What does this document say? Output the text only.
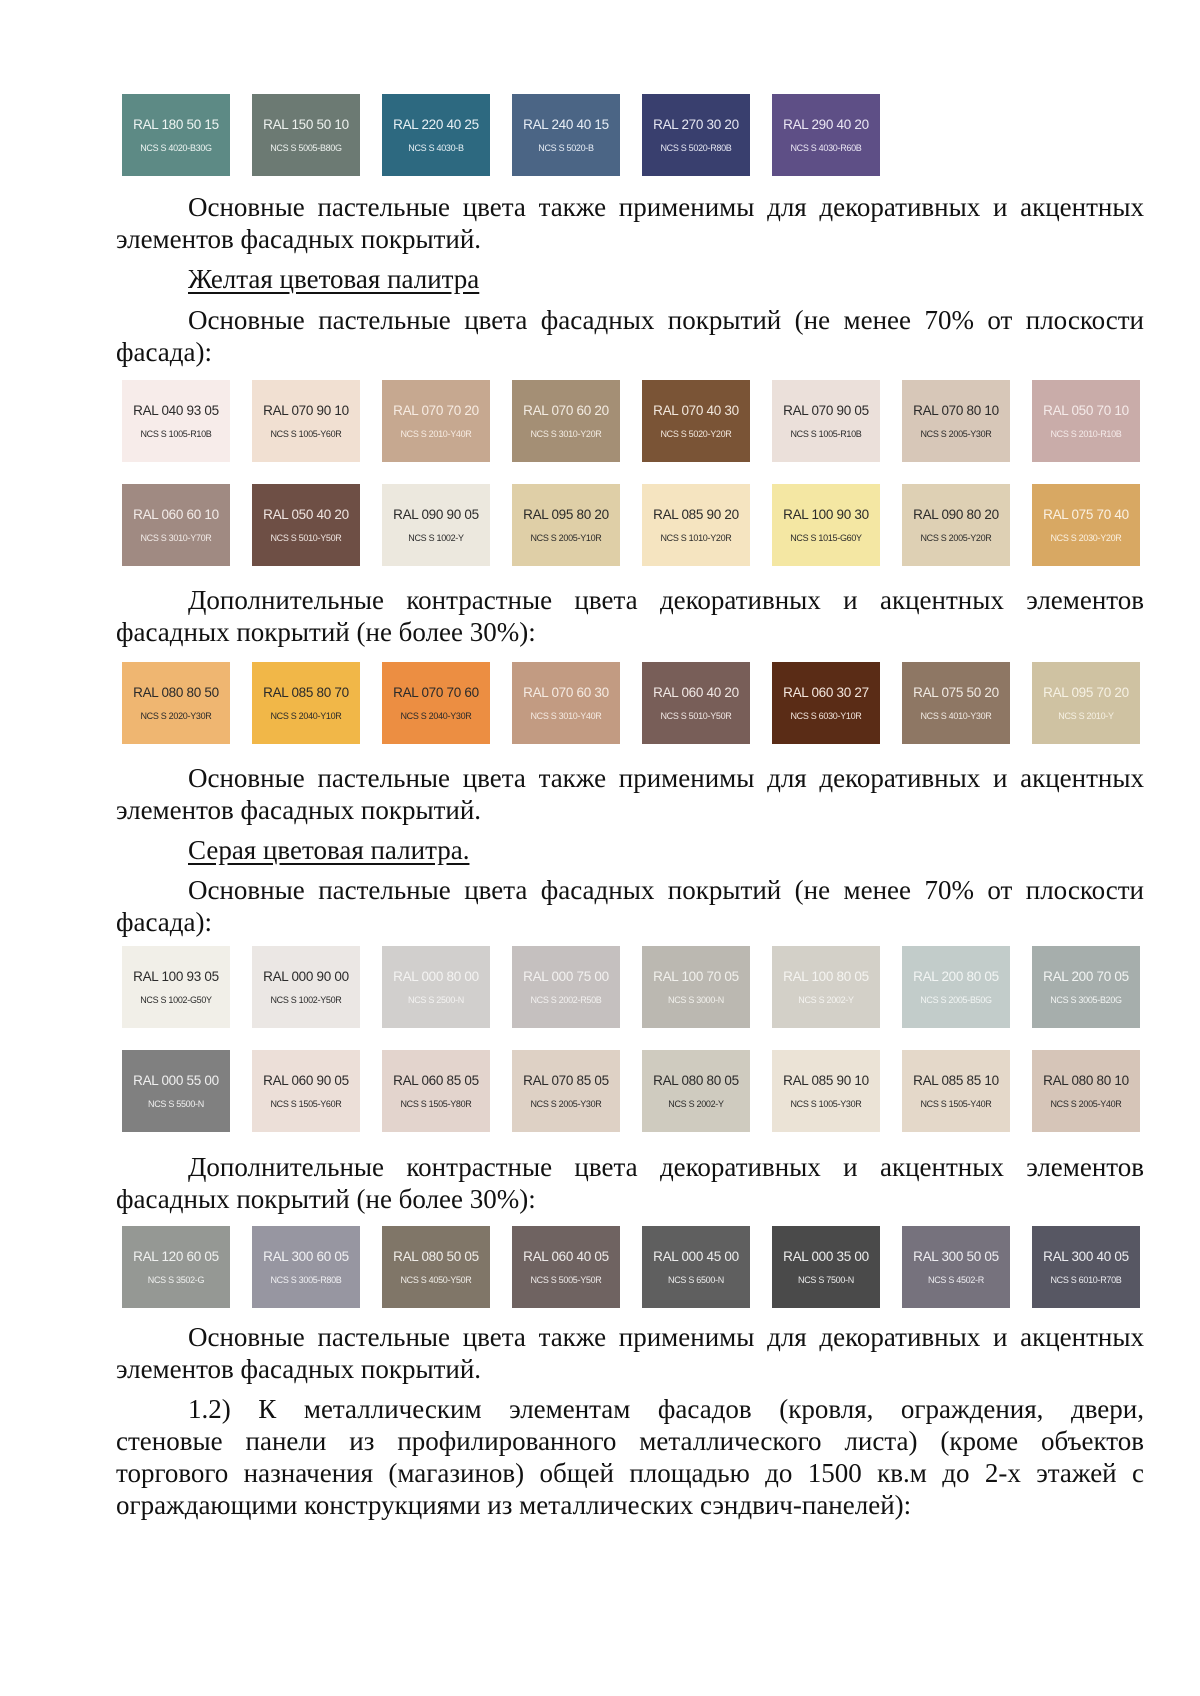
RAL 180 50 15
NCS S 4020-B30G
RAL 150 50 10
NCS S 5005-B80G
RAL 220 40 25
NCS S 4030-B
RAL 240 40 15
NCS S 5020-B
RAL 270 30 20
NCS S 5020-R80B
RAL 290 40 20
NCS S 4030-R60B
Основные пастельные цвета также применимы для декоративных и акцентных
элементов фасадных покрытий.
Желтая цветовая палитра
Основные пастельные цвета фасадных покрытий (не менее 70% от плоскости
фасада):
RAL 040 93 05
NCS S 1005-R10B
RAL 070 90 10
NCS S 1005-Y60R
RAL 070 70 20
NCS S 2010-Y40R
RAL 070 60 20
NCS S 3010-Y20R
RAL 070 40 30
NCS S 5020-Y20R
RAL 070 90 05
NCS S 1005-R10B
RAL 070 80 10
NCS S 2005-Y30R
RAL 050 70 10
NCS S 2010-R10B
RAL 060 60 10
NCS S 3010-Y70R
RAL 050 40 20
NCS S 5010-Y50R
RAL 090 90 05
NCS S 1002-Y
RAL 095 80 20
NCS S 2005-Y10R
RAL 085 90 20
NCS S 1010-Y20R
RAL 100 90 30
NCS S 1015-G60Y
RAL 090 80 20
NCS S 2005-Y20R
RAL 075 70 40
NCS S 2030-Y20R
Дополнительные контрастные цвета декоративных и акцентных элементов
фасадных покрытий (не более 30%):
RAL 080 80 50
NCS S 2020-Y30R
RAL 085 80 70
NCS S 2040-Y10R
RAL 070 70 60
NCS S 2040-Y30R
RAL 070 60 30
NCS S 3010-Y40R
RAL 060 40 20
NCS S 5010-Y50R
RAL 060 30 27
NCS S 6030-Y10R
RAL 075 50 20
NCS S 4010-Y30R
RAL 095 70 20
NCS S 2010-Y
Основные пастельные цвета также применимы для декоративных и акцентных
элементов фасадных покрытий.
Серая цветовая палитра.
Основные пастельные цвета фасадных покрытий (не менее 70% от плоскости
фасада):
RAL 100 93 05
NCS S 1002-G50Y
RAL 000 90 00
NCS S 1002-Y50R
RAL 000 80 00
NCS S 2500-N
RAL 000 75 00
NCS S 2002-R50B
RAL 100 70 05
NCS S 3000-N
RAL 100 80 05
NCS S 2002-Y
RAL 200 80 05
NCS S 2005-B50G
RAL 200 70 05
NCS S 3005-B20G
RAL 000 55 00
NCS S 5500-N
RAL 060 90 05
NCS S 1505-Y60R
RAL 060 85 05
NCS S 1505-Y80R
RAL 070 85 05
NCS S 2005-Y30R
RAL 080 80 05
NCS S 2002-Y
RAL 085 90 10
NCS S 1005-Y30R
RAL 085 85 10
NCS S 1505-Y40R
RAL 080 80 10
NCS S 2005-Y40R
Дополнительные контрастные цвета декоративных и акцентных элементов
фасадных покрытий (не более 30%):
RAL 120 60 05
NCS S 3502-G
RAL 300 60 05
NCS S 3005-R80B
RAL 080 50 05
NCS S 4050-Y50R
RAL 060 40 05
NCS S 5005-Y50R
RAL 000 45 00
NCS S 6500-N
RAL 000 35 00
NCS S 7500-N
RAL 300 50 05
NCS S 4502-R
RAL 300 40 05
NCS S 6010-R70B
Основные пастельные цвета также применимы для декоративных и акцентных
элементов фасадных покрытий.
1.2) К металлическим элементам фасадов (кровля, ограждения, двери,
стеновые панели из профилированного металлического листа) (кроме объектов
торгового назначения (магазинов) общей площадью до 1500 кв.м до 2-х этажей с
ограждающими конструкциями из металлических сэндвич-панелей):
